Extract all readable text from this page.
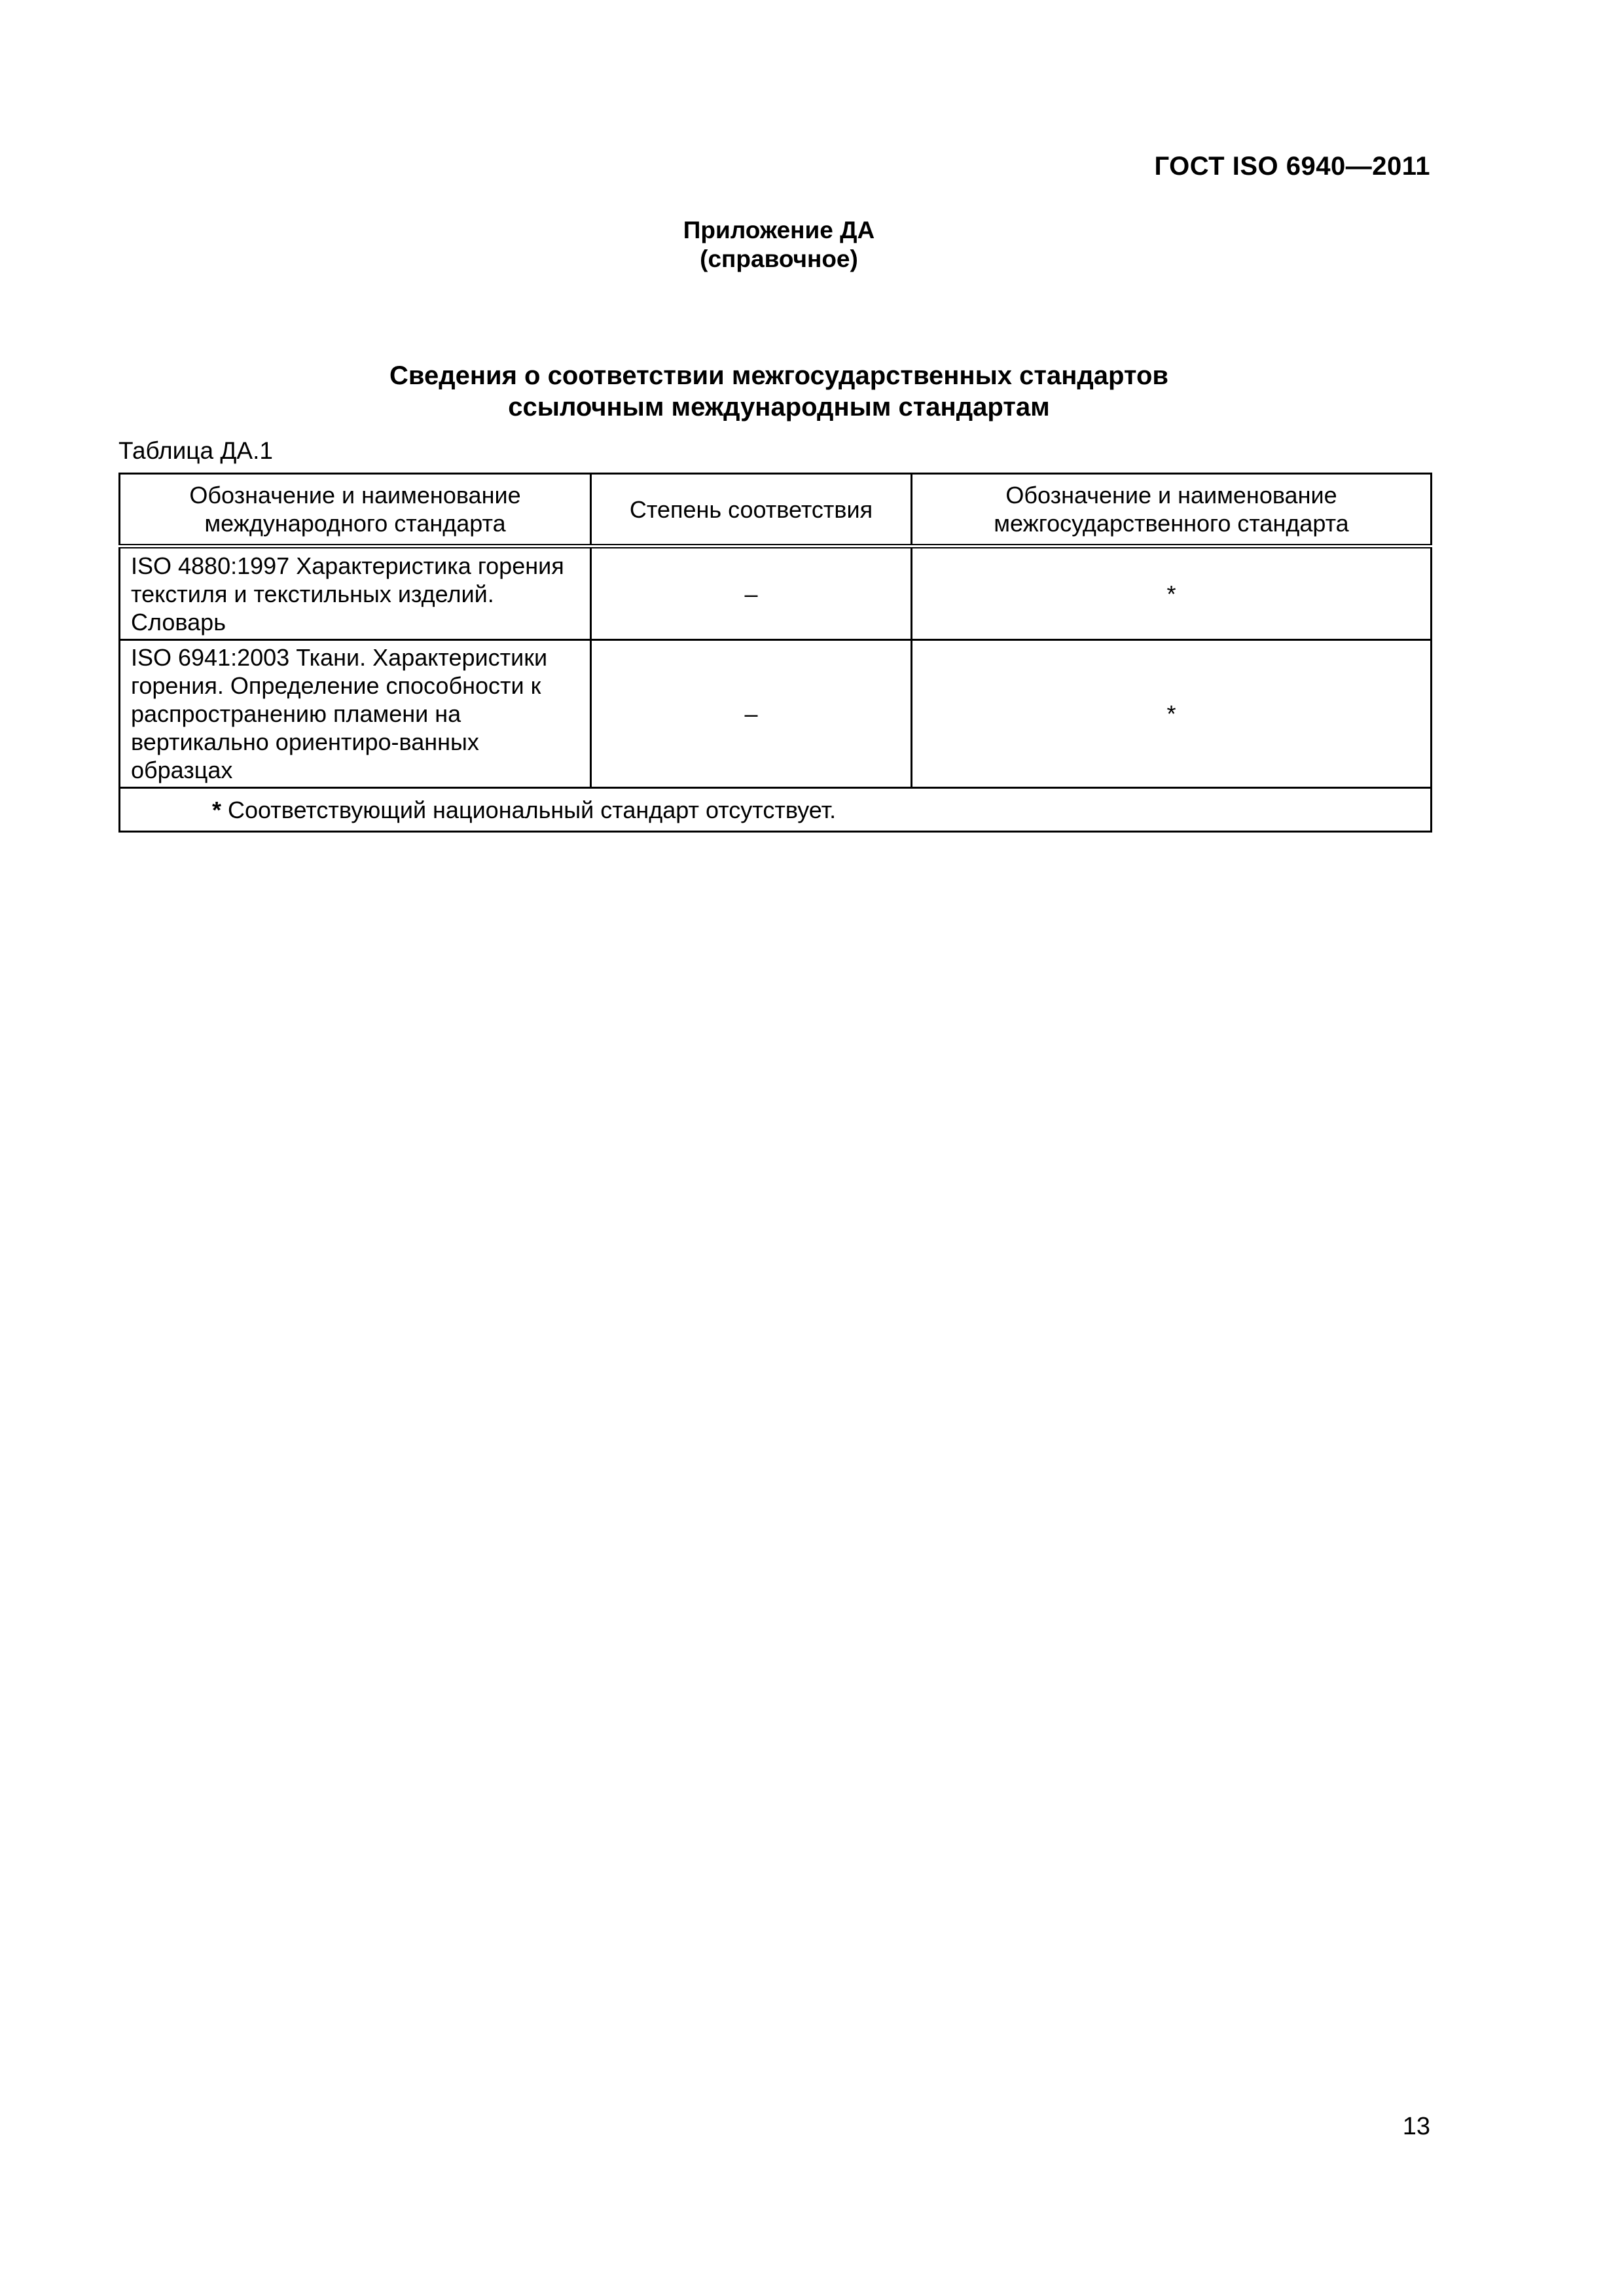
ГОСТ ISO 6940—2011
Приложение ДА
(справочное)
Сведения о соответствии межгосударственных стандартов
ссылочным международным стандартам
Таблица ДА.1
Обозначение и наименование международного стандарта	Степень соответствия	Обозначение и наименование межгосударственного стандарта
ISO 4880:1997 Характеристика горения текстиля и текстильных изделий. Словарь	–	*
ISO 6941:2003 Ткани. Характеристики горения. Определение способности к распространению пламени на вертикально ориентиро-ванных образцах	–	*
* Соответствующий национальный стандарт отсутствует.		
13
